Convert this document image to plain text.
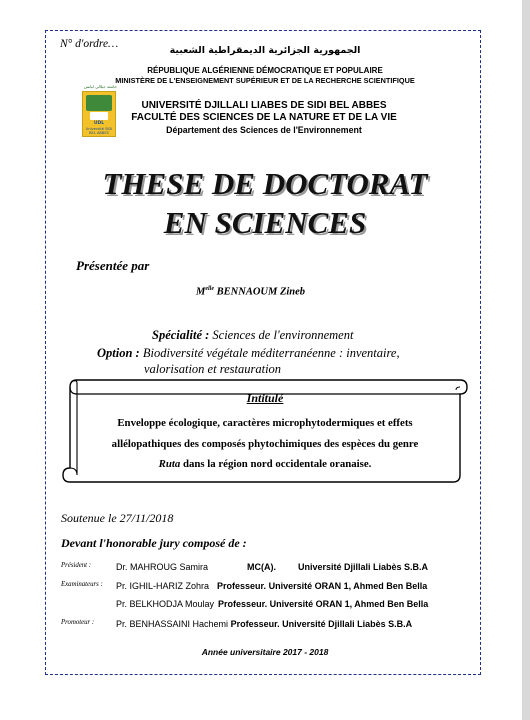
N° d'ordre…
الجمهورية الجزائرية الديمقراطية الشعبية
RÉPUBLIQUE ALGÉRIENNE DÉMOCRATIQUE ET POPULAIRE
MINISTÈRE DE L'ENSEIGNEMENT SUPÉRIEUR ET DE LA RECHERCHE SCIENTIFIQUE
جامعة جيلالي ليابس
UDL
Université SIDI BEL ABBES
UNIVERSITÉ DJILLALI LIABES DE SIDI BEL ABBES
FACULTÉ DES SCIENCES DE LA NATURE ET DE LA VIE
Département des Sciences de l'Environnement
THESE DE DOCTORAT
EN SCIENCES
Présentée par
$M^{elle}$ BENNAOUM Zineb
Spécialité : Sciences de l'environnement
Option : Biodiversité végétale méditerranéenne : inventaire,
valorisation et restauration
Intitulé
Enveloppe écologique, caractères microphytodermiques et effets
allélopathiques des composés phytochimiques des espèces du genre
Ruta dans la région nord occidentale oranaise.
Soutenue le 27/11/2018
Devant l'honorable jury composé de :
Président :	Dr. MAHROUG Samira	MC(A). Université Djillali Liabès S.B.A
Examinateurs : Pr. IGHIL-HARIZ Zohra Professeur. Université ORAN 1, Ahmed Ben Bella
Pr. BELKHODJA Moulay Professeur. Université ORAN 1, Ahmed Ben Bella
Promoteur : Pr. BENHASSAINI Hachemi Professeur. Université Djillali Liabès S.B.A
Année universitaire 2017 - 2018
